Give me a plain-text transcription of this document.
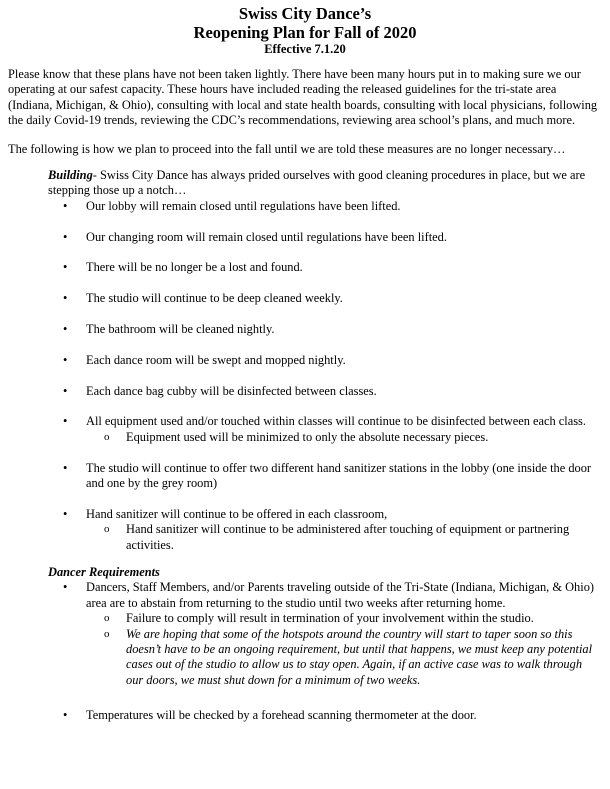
Swiss City Dance’s

Reopening Plan for Fall of 2020

Effective 7.1.20

Please know that these plans have not been taken lightly. There have been many hours put in to making sure we our operating at our safest capacity. These hours have included reading the released guidelines for the tri-state area (Indiana, Michigan, & Ohio), consulting with local and state health boards, consulting with local physicians, following the daily Covid-19 trends, reviewing the CDC’s recommendations, reviewing area school’s plans, and much more.

The following is how we plan to proceed into the fall until we are told these measures are no longer necessary…

Building- Swiss City Dance has always prided ourselves with good cleaning procedures in place, but we are stepping those up a notch…

• Our lobby will remain closed until regulations have been lifted.
• Our changing room will remain closed until regulations have been lifted.
• There will be no longer be a lost and found.
• The studio will continue to be deep cleaned weekly.
• The bathroom will be cleaned nightly.
• Each dance room will be swept and mopped nightly.
• Each dance bag cubby will be disinfected between classes.
• All equipment used and/or touched within classes will continue to be disinfected between each class.
o Equipment used will be minimized to only the absolute necessary pieces.
• The studio will continue to offer two different hand sanitizer stations in the lobby (one inside the door and one by the grey room)
• Hand sanitizer will continue to be offered in each classroom,
o Hand sanitizer will continue to be administered after touching of equipment or partnering activities.

Dancer Requirements

• Dancers, Staff Members, and/or Parents traveling outside of the Tri-State (Indiana, Michigan, & Ohio) area are to abstain from returning to the studio until two weeks after returning home.
o Failure to comply will result in termination of your involvement within the studio.
o We are hoping that some of the hotspots around the country will start to taper soon so this doesn’t have to be an ongoing requirement, but until that happens, we must keep any potential cases out of the studio to allow us to stay open. Again, if an active case was to walk through our doors, we must shut down for a minimum of two weeks.
• Temperatures will be checked by a forehead scanning thermometer at the door.
